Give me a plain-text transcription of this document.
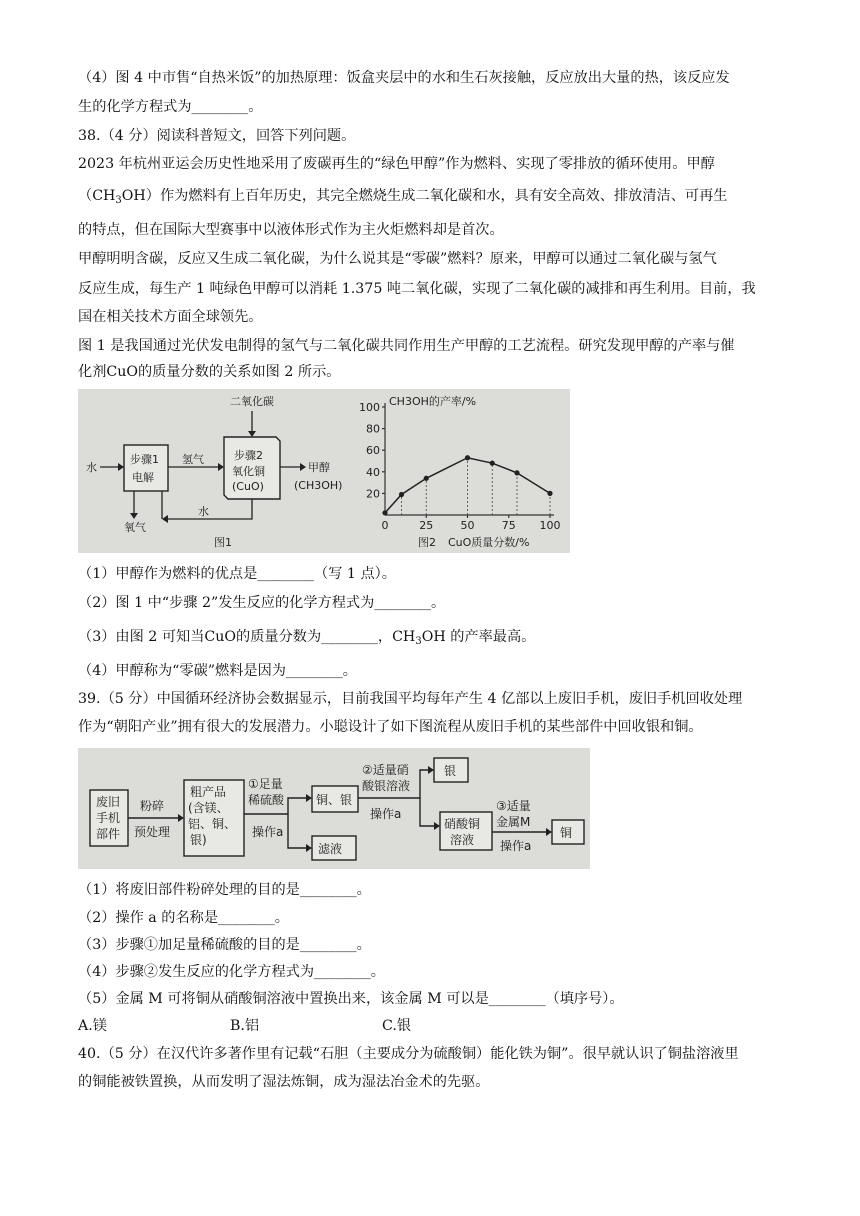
（4）图 4 中市售“自热米饭”的加热原理：饭盒夹层中的水和生石灰接触，反应放出大量的热，该反应发
生的化学方程式为________。
38.（4 分）阅读科普短文，回答下列问题。
2023 年杭州亚运会历史性地采用了废碳再生的“绿色甲醇”作为燃料、实现了零排放的循环使用。甲醇
$(CH_3OH)$作为燃料有上百年历史，其完全燃烧生成二氧化碳和水，具有安全高效、排放清洁、可再生
的特点，但在国际大型赛事中以液体形式作为主火炬燃料却是首次。
甲醇明明含碳，反应又生成二氧化碳，为什么说其是“零碳”燃料？原来，甲醇可以通过二氧化碳与氢气
反应生成，每生产 1 吨绿色甲醇可以消耗 1.375 吨二氧化碳，实现了二氧化碳的减排和再生利用。目前，我
国在相关技术方面全球领先。
图 1 是我国通过光伏发电制得的氢气与二氧化碳共同作用生产甲醇的工艺流程。研究发现甲醇的产率与催
化剂CuO的质量分数的关系如图 2 所示。
水
步骤1
电解
氢气
二氧化碳
步骤2
氧化铜
(CuO)
甲醇
(CH3OH)
水
氧气
图1
CH3OH的产率/%
20
40
60
80
100
0	25 50 75 100
图2 CuO质量分数/%
（1）甲醇作为燃料的优点是________（写 1 点）。
（2）图 1 中“步骤 2”发生反应的化学方程式为________。
（3）由图 2 可知当CuO的质量分数为________，$CH_3OH$ 的产率最高。
（4）甲醇称为“零碳”燃料是因为________。
39.（5 分）中国循环经济协会数据显示，目前我国平均每年产生 4 亿部以上废旧手机，废旧手机回收处理
作为“朝阳产业”拥有很大的发展潜力。小聪设计了如下图流程从废旧手机的某些部件中回收银和铜。
废旧
手机
部件
粉碎
预处理
粗产品
(含镁、
铝、铜、
银)
①足量
稀硫酸
操作a
铜、银
滤液
②适量硝
酸银溶液
操作a
银
硝酸铜
溶液
③适量
金属M
操作a
铜
（1）将废旧部件粉碎处理的目的是________。
（2）操作 a 的名称是________。
（3）步骤①加足量稀硫酸的目的是________。
（4）步骤②发生反应的化学方程式为________。
（5）金属 M 可将铜从硝酸铜溶液中置换出来，该金属 M 可以是________（填序号）。
A.镁	B.铝	C.银
40.（5 分）在汉代许多著作里有记载“石胆（主要成分为硫酸铜）能化铁为铜”。很早就认识了铜盐溶液里
的铜能被铁置换，从而发明了湿法炼铜，成为湿法冶金术的先驱。
